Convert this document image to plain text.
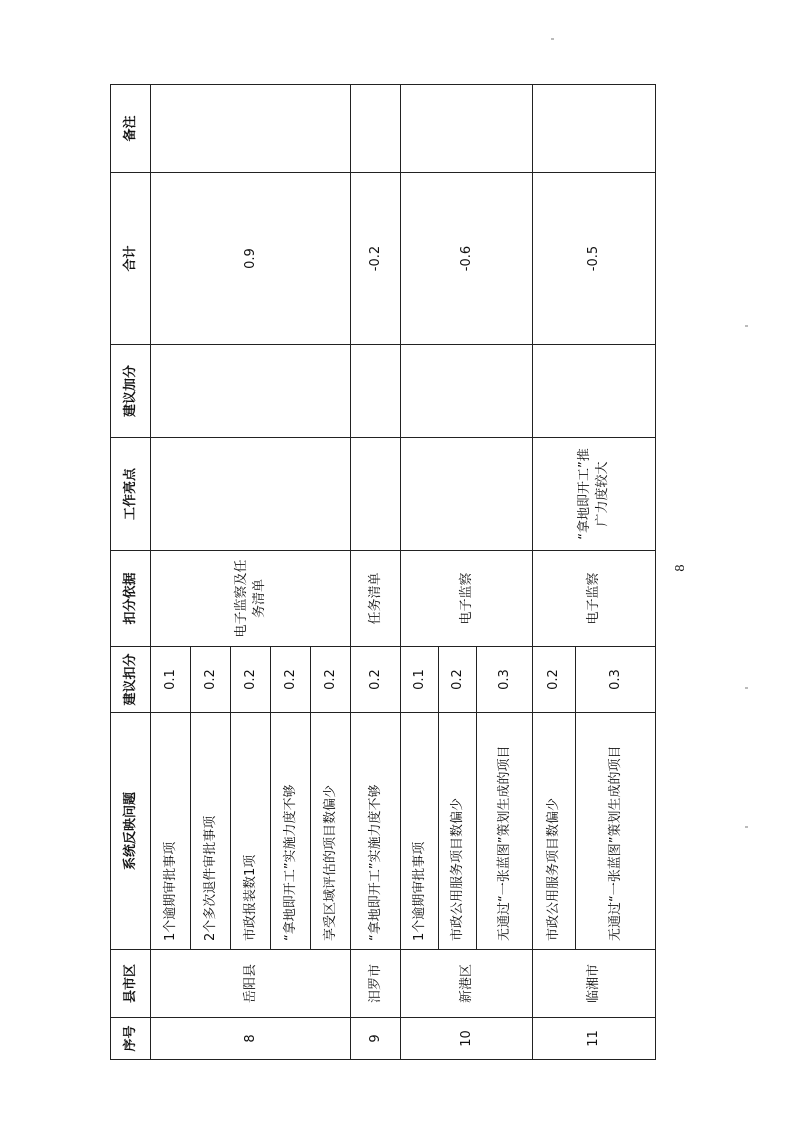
序号	县市区	系统反映问题	建议扣分	扣分依据	工作亮点	建议加分	合计	备注
8	岳阳县	1个逾期审批事项	0.1	电子监察及任务清单			0.9	
		2个多次退件审批事项	0.2					
		市政报装数1项	0.2					
		“拿地即开工”实施力度不够	0.2					
		享受区域评估的项目数偏少	0.2					
9	汨罗市	“拿地即开工”实施力度不够	0.2	任务清单			-0.2	
10	新港区	1个逾期审批事项	0.1	电子监察			-0.6	
		市政公用服务项目数偏少	0.2					
		无通过“一张蓝图”策划生成的项目	0.3					
11	临湘市	市政公用服务项目数偏少	0.2	电子监察	“拿地即开工”推广力度较大		-0.5	
		无通过“一张蓝图”策划生成的项目	0.3					
8
